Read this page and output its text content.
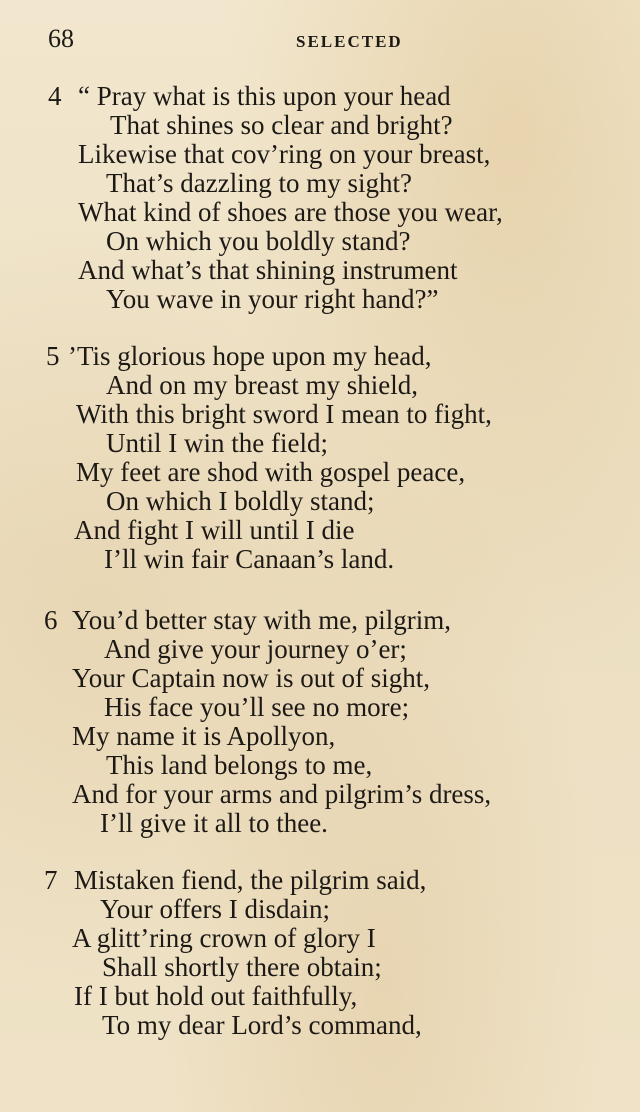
68	SELECTED
4 “ Pray what is this upon your head
That shines so clear and bright?
Likewise that cov’ring on your breast,
That’s dazzling to my sight?
What kind of shoes are those you wear,
On which you boldly stand?
And what’s that shining instrument
You wave in your right hand?”
5 ’Tis glorious hope upon my head,
And on my breast my shield,
With this bright sword I mean to fight,
Until I win the field;
My feet are shod with gospel peace,
On which I boldly stand;
And fight I will until I die
I’ll win fair Canaan’s land.
6 You’d better stay with me, pilgrim,
And give your journey o’er;
Your Captain now is out of sight,
His face you’ll see no more;
My name it is Apollyon,
This land belongs to me,
And for your arms and pilgrim’s dress,
I’ll give it all to thee.
7 Mistaken fiend, the pilgrim said,
Your offers I disdain;
A glitt’ring crown of glory I
Shall shortly there obtain;
If I but hold out faithfully,
To my dear Lord’s command,
